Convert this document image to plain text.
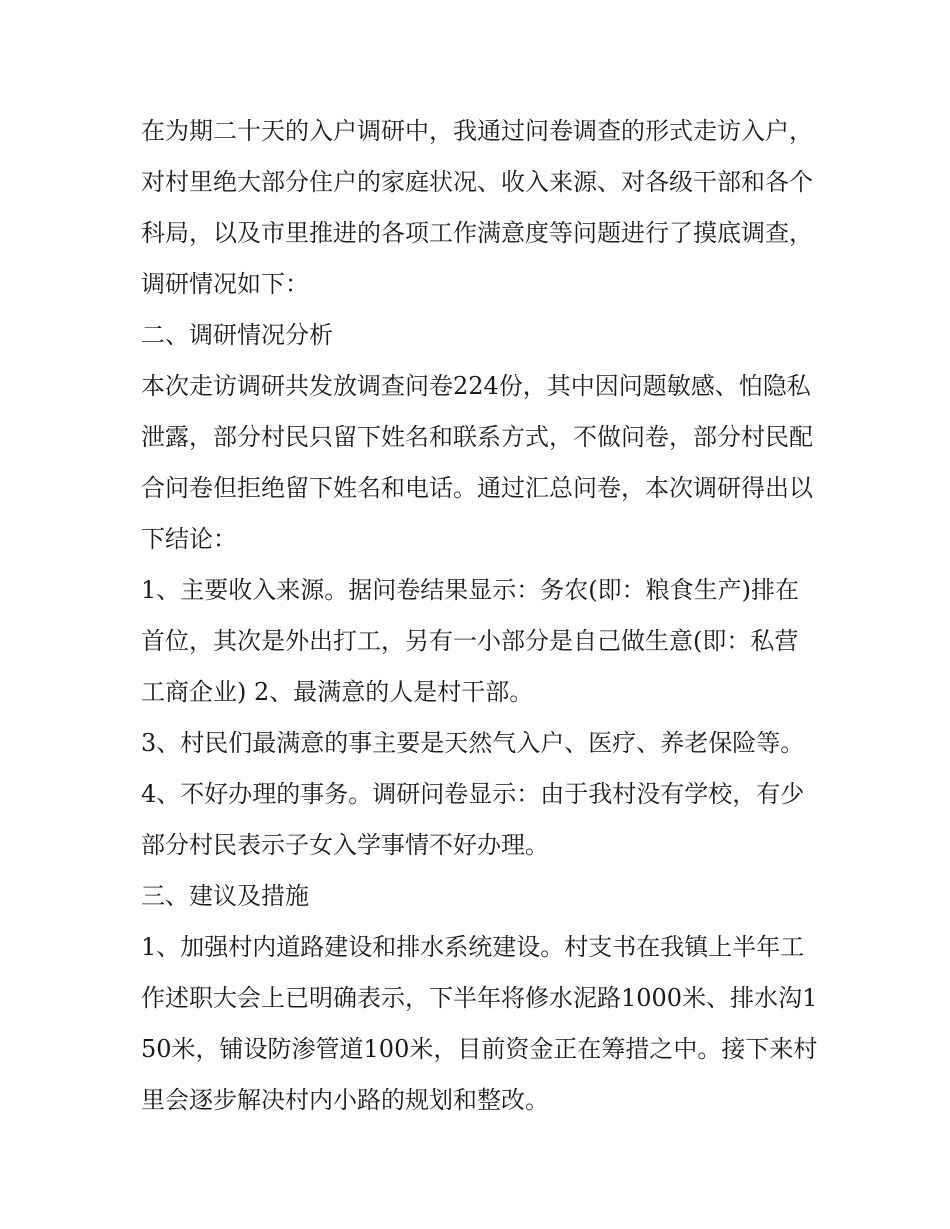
在为期二十天的入户调研中，我通过问卷调查的形式走访入户，对村里绝大部分住户的家庭状况、收入来源、对各级干部和各个科局，以及市里推进的各项工作满意度等问题进行了摸底调查，调研情况如下：

二、调研情况分析

本次走访调研共发放调查问卷224份，其中因问题敏感、怕隐私泄露，部分村民只留下姓名和联系方式，不做问卷，部分村民配合问卷但拒绝留下姓名和电话。通过汇总问卷，本次调研得出以下结论：

1、主要收入来源。据问卷结果显示：务农(即：粮食生产)排在首位，其次是外出打工，另有一小部分是自己做生意(即：私营工商企业) 2、最满意的人是村干部。

3、村民们最满意的事主要是天然气入户、医疗、养老保险等。 4、不好办理的事务。调研问卷显示：由于我村没有学校，有少部分村民表示子女入学事情不好办理。

三、建议及措施

1、加强村内道路建设和排水系统建设。村支书在我镇上半年工作述职大会上已明确表示，下半年将修水泥路1000米、排水沟150米，铺设防渗管道100米，目前资金正在筹措之中。接下来村里会逐步解决村内小路的规划和整改。
